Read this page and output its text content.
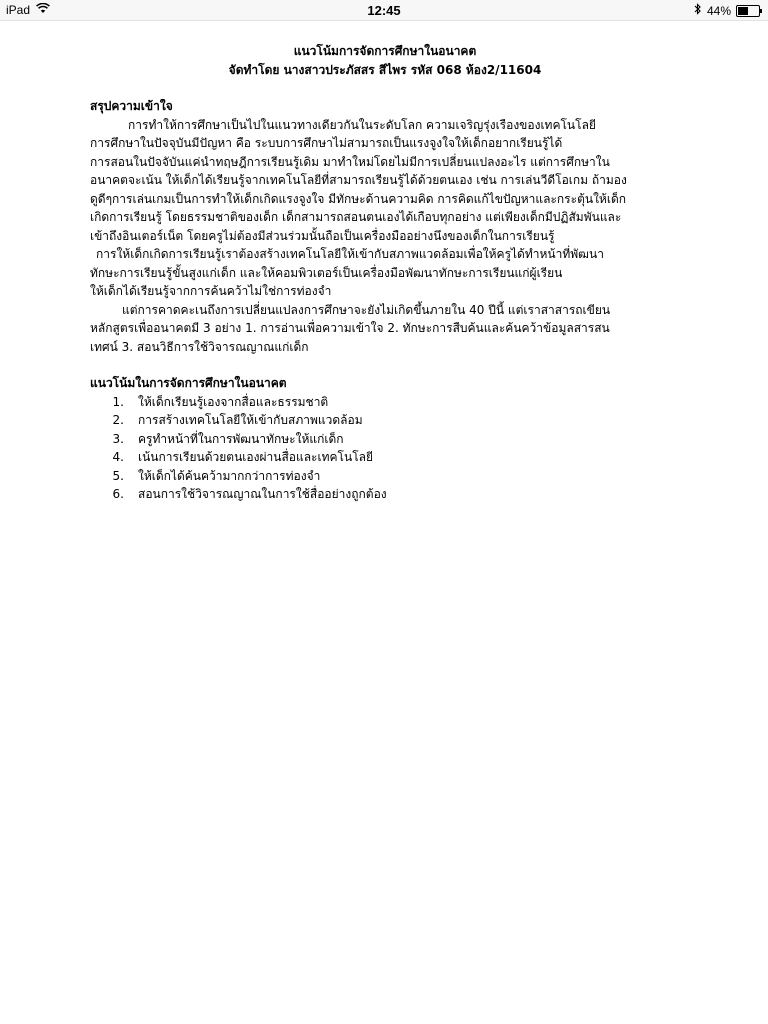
iPad	12:45	44%
แนวโน้มการจัดการศึกษาในอนาคต
จัดทำโดย นางสาวประภัสสร สีไพร รหัส 068 ห้อง2/11604
สรุปความเข้าใจ

การทำให้การศึกษาเป็นไปในแนวทางเดียวกันในระดับโลก ความเจริญรุ่งเรืองของเทคโนโลยี

การศึกษาในปัจจุบันมีปัญหา คือ ระบบการศึกษาไม่สามารถเป็นแรงจูงใจให้เด็กอยากเรียนรู้ได้

การสอนในปัจจับันแค่นำทฤษฎีการเรียนรู้เดิม มาทำใหม่โดยไม่มีการเปลี่ยนแปลงอะไร แต่การศึกษาใน

อนาคตจะเน้น ให้เด็กได้เรียนรู้จากเทคโนโลยีที่สามารถเรียนรู้ได้ด้วยตนเอง เช่น การเล่นวีดีโอเกม ถ้ามอง

ดูดีๆการเล่นเกมเป็นการทำให้เด็กเกิดแรงจูงใจ มีทักษะด้านความคิด การคิดแก้ไขปัญหาและกระตุ้นให้เด็ก

เกิดการเรียนรู้ โดยธรรมชาติของเด็ก เด็กสามารถสอนตนเองได้เกือบทุกอย่าง แต่เพียงเด็กมีปฏิสัมพันและ

เข้าถึงอินเตอร์เน็ต โดยครูไม่ต้องมีส่วนร่วมนั้นถือเป็นเครื่องมืออย่างนึงของเด็กในการเรียนรู้

การให้เด็กเกิดการเรียนรู้เราต้องสร้างเทคโนโลยีให้เข้ากับสภาพแวดล้อมเพื่อให้ครูได้ทำหน้าที่พัฒนา

ทักษะการเรียนรู้ขั้นสูงแก่เด็ก และให้คอมพิวเตอร์เป็นเครื่องมือพัฒนาทักษะการเรียนแก่ผู้เรียน

ให้เด็กได้เรียนรู้จากการค้นคว้าไม่ใช่การท่องจำ

แต่การคาดคะเนถึงการเปลี่ยนแปลงการศึกษาจะยังไม่เกิดขึ้นภายใน 40 ปีนี้ แต่เราสาสารถเขียน

หลักสูตรเพื่ออนาคตมี 3 อย่าง 1. การอ่านเพื่อความเข้าใจ 2. ทักษะการสืบค้นและค้นคว้าข้อมูลสารสน

เทศน์ 3. สอนวิธีการใช้วิจารณญาณแก่เด็ก

แนวโน้มในการจัดการศึกษาในอนาคต
1.	ให้เด็กเรียนรู้เองจากสื่อและธรรมชาติ
2.	การสร้างเทคโนโลยีให้เข้ากับสภาพแวดล้อม
3.	ครูทำหน้าที่ในการพัฒนาทักษะให้แก่เด็ก
4.	เน้นการเรียนด้วยตนเองผ่านสื่อและเทคโนโลยี
5.	ให้เด็กได้ค้นคว้ามากกว่าการท่องจำ
6.	สอนการใช้วิจารณญาณในการใช้สื่ออย่างถูกต้อง
